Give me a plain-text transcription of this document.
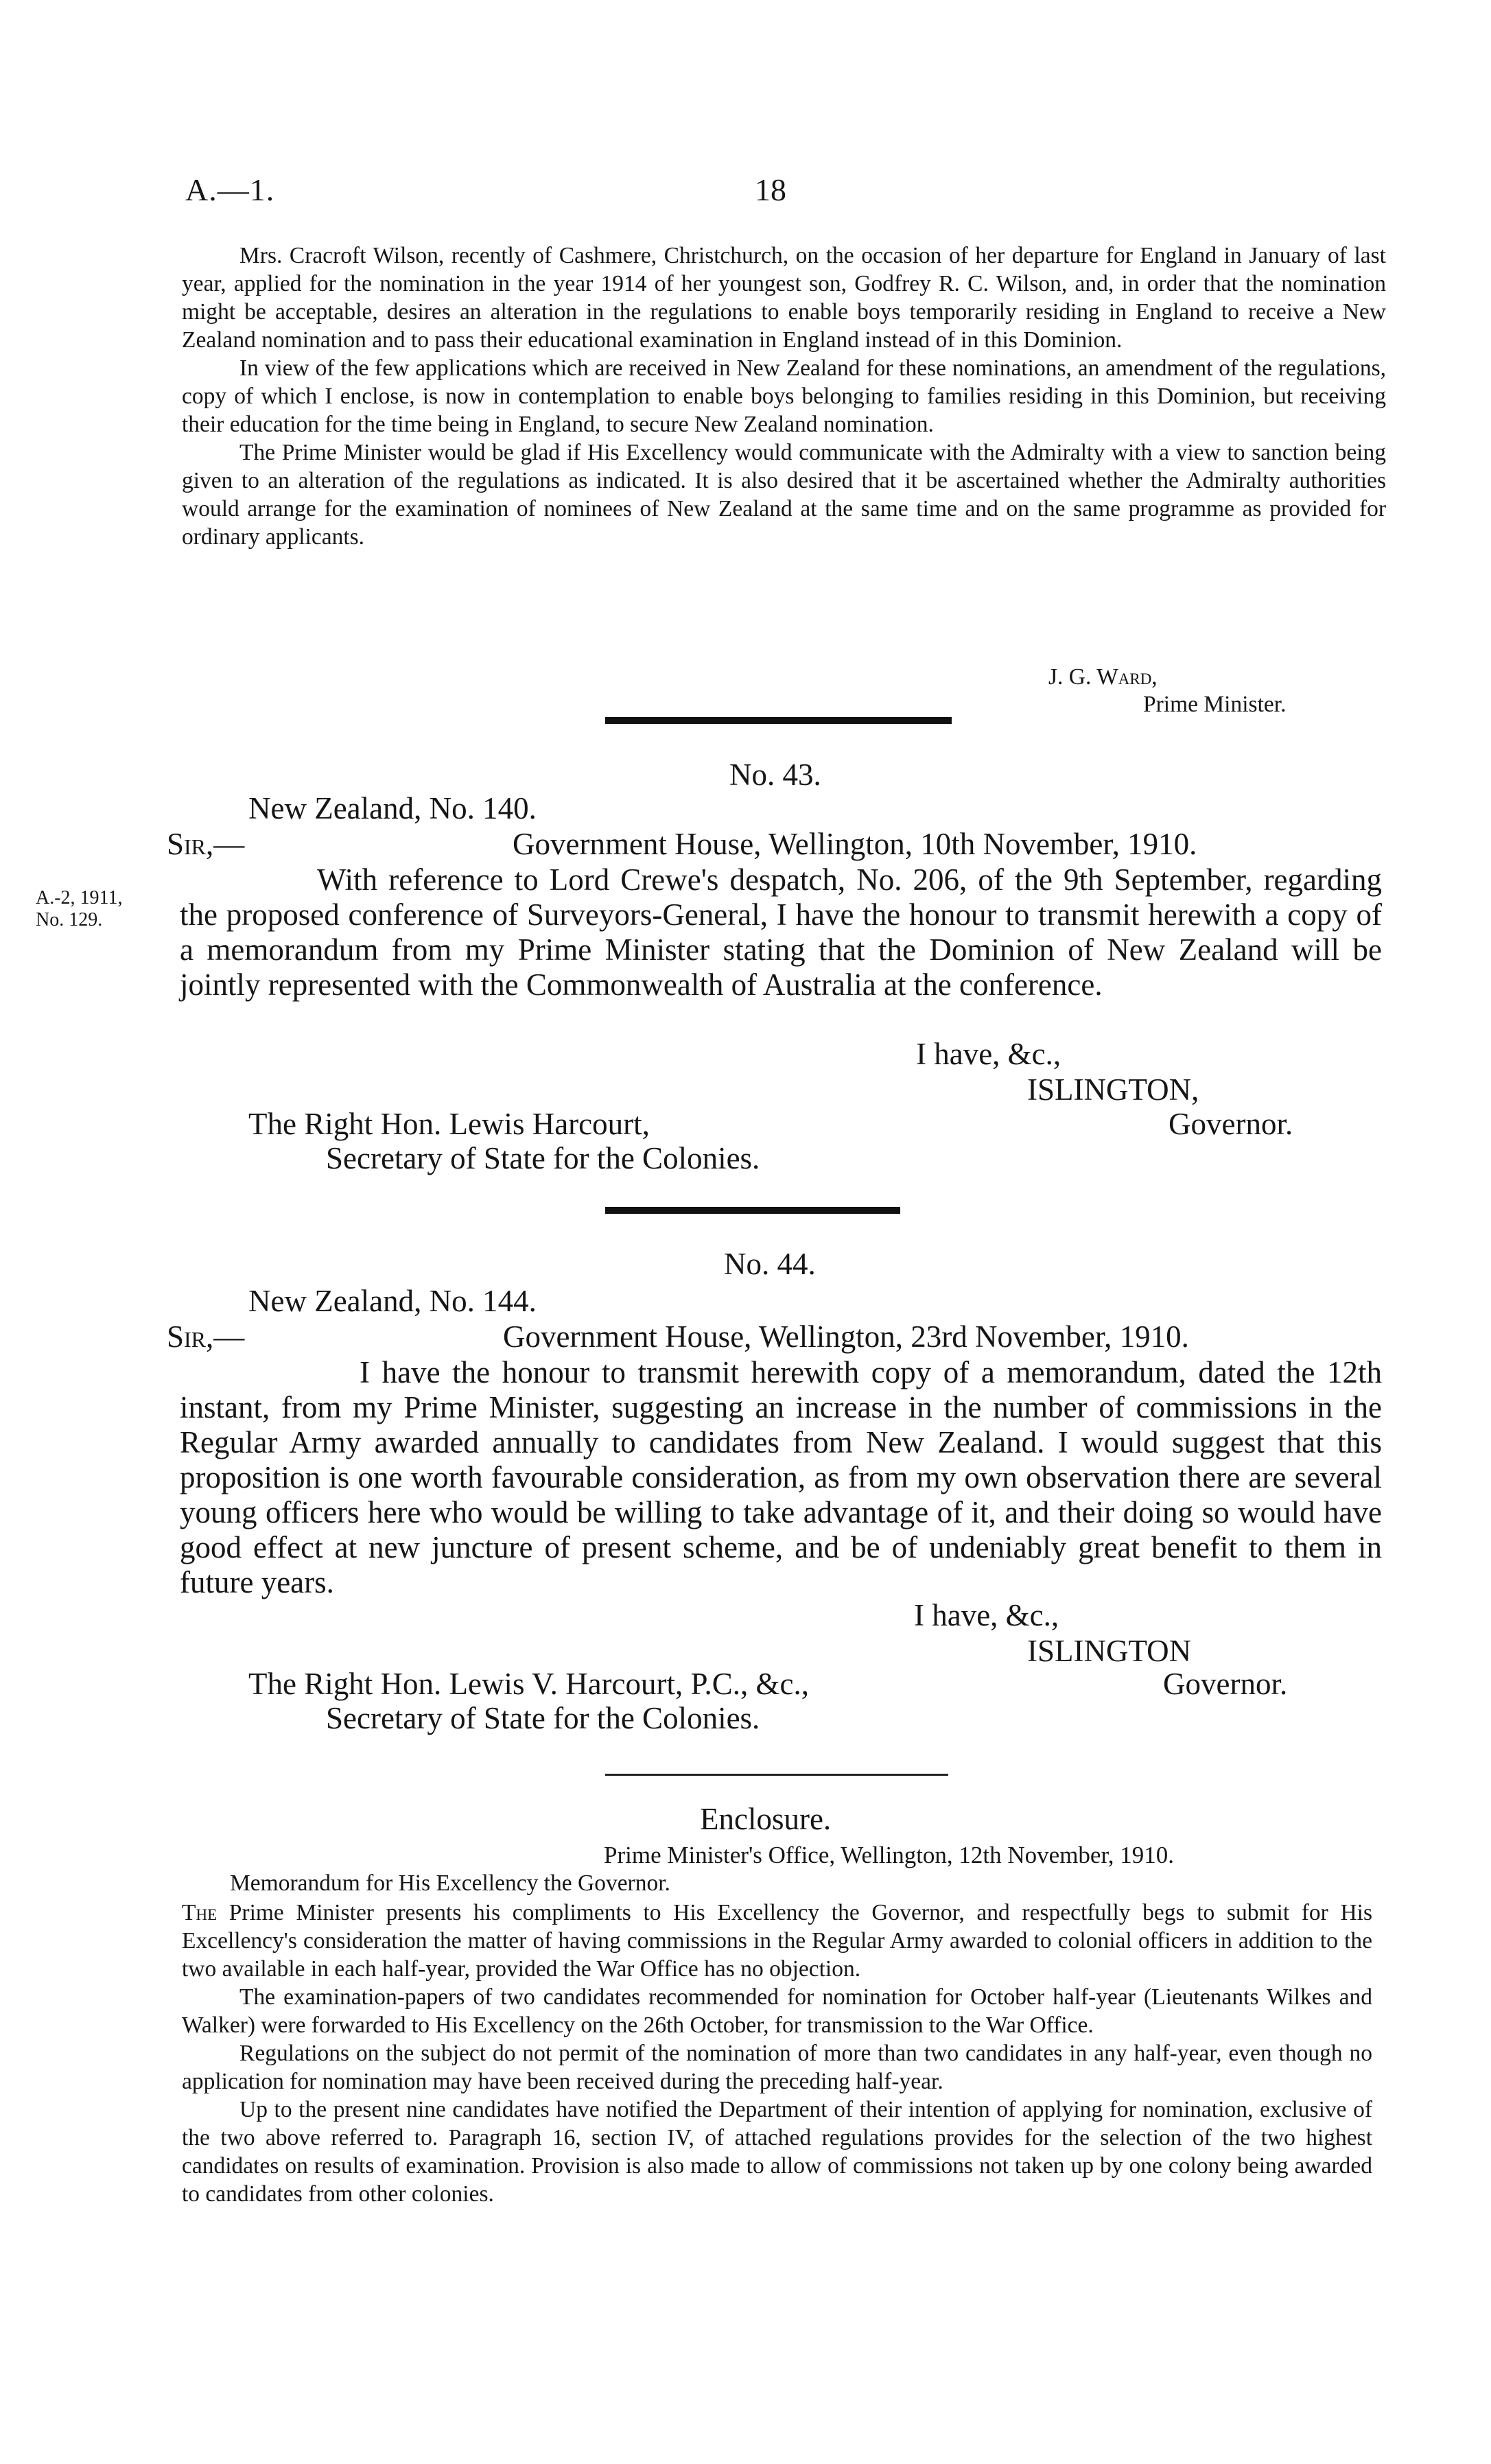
A.—1.	18

Mrs. Cracroft Wilson, recently of Cashmere, Christchurch, on the occasion of her departure for England in January of last year, applied for the nomination in the year 1914 of her youngest son, Godfrey R. C. Wilson, and, in order that the nomination might be acceptable, desires an alteration in the regulations to enable boys temporarily residing in England to receive a New Zealand nomination and to pass their educational examination in England instead of in this Dominion.

In view of the few applications which are received in New Zealand for these nominations, an amendment of the regulations, copy of which I enclose, is now in contemplation to enable boys belonging to families residing in this Dominion, but receiving their education for the time being in England, to secure New Zealand nomination.

The Prime Minister would be glad if His Excellency would communicate with the Admiralty with a view to sanction being given to an alteration of the regulations as indicated. It is also desired that it be ascertained whether the Admiralty authorities would arrange for the examination of nominees of New Zealand at the same time and on the same programme as provided for ordinary applicants.

J. G. Ward,
Prime Minister.
No. 43.
New Zealand, No. 140.
Sir,—	Government House, Wellington, 10th November, 1910.
A.-2, 1911,
No. 129.

With reference to Lord Crewe's despatch, No. 206, of the 9th September, regarding the proposed conference of Surveyors-General, I have the honour to transmit herewith a copy of a memorandum from my Prime Minister stating that the Dominion of New Zealand will be jointly represented with the Commonwealth of Australia at the conference.

I have, &c.,
ISLINGTON,
Governor.
The Right Hon. Lewis Harcourt,
Secretary of State for the Colonies.
No. 44.
New Zealand, No. 144.
Sir,—	Government House, Wellington, 23rd November, 1910.

I have the honour to transmit herewith copy of a memorandum, dated the 12th instant, from my Prime Minister, suggesting an increase in the number of commissions in the Regular Army awarded annually to candidates from New Zealand. I would suggest that this proposition is one worth favourable consideration, as from my own observation there are several young officers here who would be willing to take advantage of it, and their doing so would have good effect at new juncture of present scheme, and be of undeniably great benefit to them in future years.

I have, &c.,
ISLINGTON
Governor.
The Right Hon. Lewis V. Harcourt, P.C., &c.,
Secretary of State for the Colonies.
Enclosure.
Prime Minister's Office, Wellington, 12th November, 1910.
Memorandum for His Excellency the Governor.

The Prime Minister presents his compliments to His Excellency the Governor, and respectfully begs to submit for His Excellency's consideration the matter of having commissions in the Regular Army awarded to colonial officers in addition to the two available in each half-year, provided the War Office has no objection.

The examination-papers of two candidates recommended for nomination for October half-year (Lieutenants Wilkes and Walker) were forwarded to His Excellency on the 26th October, for transmission to the War Office.

Regulations on the subject do not permit of the nomination of more than two candidates in any half-year, even though no application for nomination may have been received during the preceding half-year.

Up to the present nine candidates have notified the Department of their intention of applying for nomination, exclusive of the two above referred to. Paragraph 16, section IV, of attached regulations provides for the selection of the two highest candidates on results of examination. Provision is also made to allow of commissions not taken up by one colony being awarded to candidates from other colonies.
